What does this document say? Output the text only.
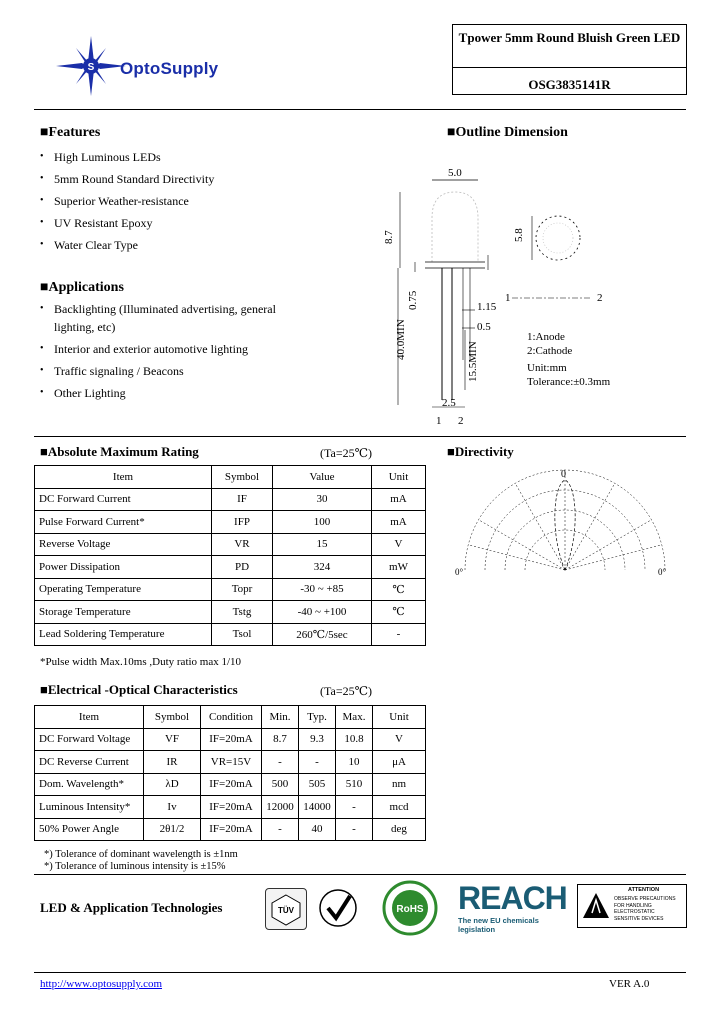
S OptoSupply
Tpower 5mm Round Bluish Green LED
OSG3835141R
■Features
• High Luminous LEDs
• 5mm Round Standard Directivity
• Superior Weather-resistance
• UV Resistant Epoxy
• Water Clear Type
■Applications
• Backlighting (Illuminated advertising, general lighting, etc)
• Interior and exterior automotive lighting
• Traffic signaling / Beacons
• Other Lighting
■Outline Dimension
5.0
8.7
40.0MIN
15.5MIN
0.75	1.15
0.5
2.5
1 2
5.8
1	2
1:Anode
2:Cathode
Unit:mm
Tolerance:±0.3mm
■Absolute Maximum Rating	(Ta=25℃)
Item	Symbol	Value	Unit
DC Forward Current	IF	30	mA
Pulse Forward Current*	IFP	100	mA
Reverse Voltage	VR	15	V
Power Dissipation	PD	324	mW
Operating Temperature	Topr	-30 ~ +85	℃
Storage Temperature	Tstg	-40 ~ +100	℃
Lead Soldering Temperature	Tsol	260℃/5sec	-
*Pulse width Max.10ms ,Duty ratio max 1/10
■Directivity
0
0°	0°
■Electrical -Optical Characteristics	(Ta=25℃)
Item	Symbol	Condition	Min.	Typ.	Max.	Unit
DC Forward Voltage	VF	IF=20mA	8.7	9.3	10.8	V
DC Reverse Current	IR	VR=15V	-	-	10	μA
Dom. Wavelength*	λD	IF=20mA	500	505	510	nm
Luminous Intensity*	Iv	IF=20mA	12000	14000	-	mcd
50% Power Angle	2θ1/2	IF=20mA	-	40	-	deg
*) Tolerance of dominant wavelength is ±1nm
*) Tolerance of luminous intensity is ±15%
LED & Application Technologies	TÜV	RoHS REACH
The new EU chemicals legislation
ATTENTION
OBSERVE PRECAUTIONS FOR HANDLING ELECTROSTATIC SENSITIVE DEVICES
http://www.optosupply.com	VER A.0
